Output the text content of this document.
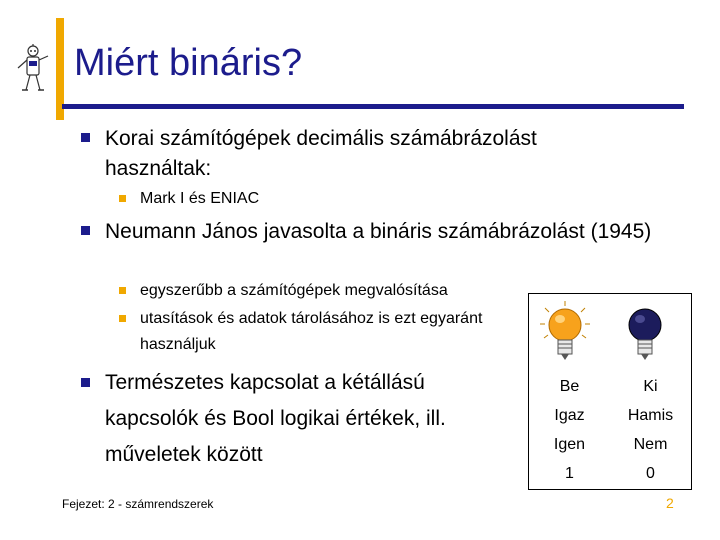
Miért bináris?
Korai számítógépek decimális számábrázolást használtak:
Mark I és ENIAC
Neumann János javasolta a bináris számábrázolást (1945)
egyszerűbb a számítógépek megvalósítása
utasítások és adatok tárolásához is ezt egyaránt használjuk
Természetes kapcsolat a kétállású kapcsolók és Bool logikai értékek, ill. műveletek között
Be	Ki
Igaz	Hamis
Igen	Nem
1	0
Fejezet: 2 - számrendszerek	2
